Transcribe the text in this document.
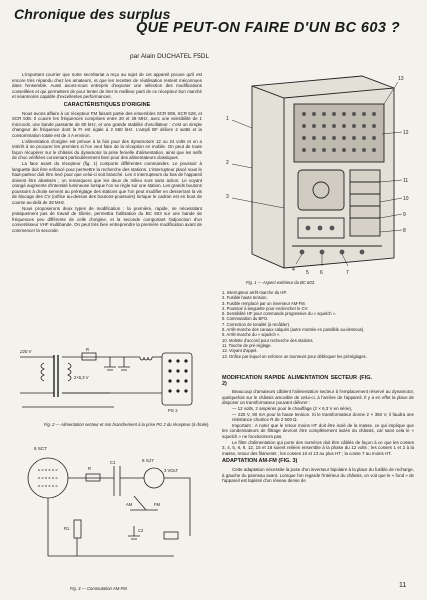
Chronique des surplus
QUE PEUT-ON FAIRE D'UN BC 603 ?
par Alain DUCHATEL F5DL

L'important courrier que notre secrétariat a reçu au sujet de cet appareil prouve qu'il est encore très répandu chez les amateurs, et que les recettes de réutilisation restent méconnues dans l'ensemble. Aussi avons-nous entrepris d'exposer une sélection des modifications conseillées et qui permettent de pour tenter de tirer le meilleur parti de ce récepteur bon marché et néanmoins capable d'excellentes performances.

CARACTÉRISTIQUES D'ORIGINE

Nous avons affaire à un récepteur FM faisant partie des ensembles SCR 508, SCR 528, et SCR 538. Il couvre les fréquences comprises entre 20 et 28 MHz, avec une sensibilité de 1 microvolt, une bande passante de 80 kHz, et une grande stabilité d'oscillateur : c'est un simple changeur de fréquence dont la FI est égale à 2 650 kHz. L'ampli BF délivre 2 watts et la consommation totale est de 4 A environ.

L'alimentation d'origine est prévue à la fois pour des dynamotors 12 ou 24 volts et on a intérêt à se procurer les premiers si l'on veut faire de la réception en mobile. On peut de toute façon récupérer sur le châssis du dynamotor la prise femelle d'alimentation, ainsi que les selfs de choc vérifiées convenant particulièrement bien pour des alimentateurs classiques.

La face avant du récepteur (fig. 1) comporte différentes commandes. Le poussoir à languette doit être enfoncé pour permettre la recherche des stations. L'interrupteur placé sous le haut-parleur doit être levé pour que celui-ci soit branché. Les 4 interrupteurs du bas de l'appareil doivent être abaissés ; on remarquera que les deux de milieu sont sans action. Le voyant orangé augmente d'intensité lumineuse lorsque l'on se règle sur une station. Les grands boutons poussoirs à droite servent au préréglage des stations que l'on peut modifier en desserrant la vis de blocage des CV (orifice au-dessus des boutons-poussoirs) lorsque le cadran est en bout de course au-delà de 28 MHz.

Nous proposerons deux types de modification : la première, rapide, ne nécessitant pratiquement pas de travail de tôlerie, permettra l'utilisation du BC 603 sur une bande de fréquences peu différente de celle d'origine, et la seconde comportant l'adjonction d'un convertisseur VHF multibande. On peut très bien entreprendre la première modification avant de commencer la seconde.

220 V
2×6,3 V
R
PG 2
Fig. 2 — Alimentation secteur et son branchement à la prise PG 2 du récepteur (à droite).
6 SCT
6 SJ7
3 VOLT
AM	FM
C1
R
R1	C2
Fig. 3 — Commutation AM-FM.
13
12
11
10
9
8
1
2
3
4 5 6	7
Fig. 1 — Aspect extérieur du BC 603.
1. Interrupteur arrêt-marche du HP.
2. Fusible haute tension.
3. Fusible remplacé par un inverseur AM-FM.
4. Poussoir à languette pour enclencher le CV.
5. Sensibilité HF pour commande progressive du « squelch ».
6. Commutation du BFO.
7. Correction de tonalité (à recâbler).
8. Arrêt-marche des canaux calqués (autre montée en parallèle au-dessous).
9. Arrêt-marche du « squelch ».
10. Molette d'accord pour recherche des stations.
11. Touche de pré-réglage.
12. Voyant d'appel.
13. Orifice par lequel on enfonce un tournevis pour débloquer les préréglages.
MODIFICATION RAPIDE ALIMENTATION SECTEUR (FIG. 2)

Beaucoup d'amateurs câblent l'alimentation secteur à l'emplacement réservé au dynamotor, quelquefois sur le châssis amovible de celui-ci, à l'arrière de l'appareil. Il y a en effet la place de disposer un transformateur pouvant délivrer :

— 12 volts, 2 ampères pour le chauffage (2 × 6,3 V en série),

— 220 V, 90 mA pour la haute tension. Si le transformateur donne 2 × 350 V, il faudra une résistance chutrice R de 2 500 Ω.

Important : A noter que le retour moins HT doit être isolé de la masse, ce qui implique que les condensateurs de filtrage devront être complètement isolés du châssis, car sans cela le « squelch » ne fonctionnera pas.

Le filtre d'alimentation qui porte des numéros doit être câblée de façon à ce que les cosses 3, 4, 5, 6, 9, 12, 15 et 18 soient reliées ensemble à la phase du 12 volts ; les cosses 1 et 2 à la masse, retour des filaments ; les cosses 10 et 13 au plus HT ; la cosse 7 au moins HT.

ADAPTATION AM-FM (FIG. 3)

Cette adaptation nécessite la pose d'un inverseur bipolaire à la place du fusible de recharge, à gauche du panneau avant. Lorsque l'on regarde l'intérieur du châssis, on voit que le « fond » de l'appareil est tapissé d'un réseau dense de

11
